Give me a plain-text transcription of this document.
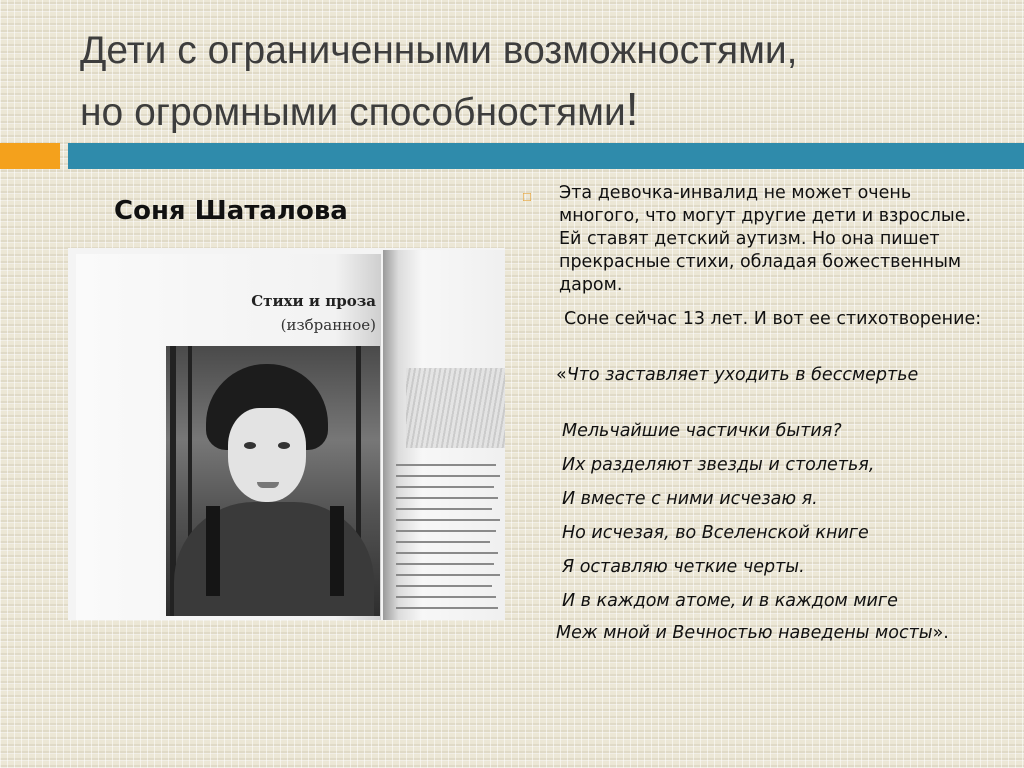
Дети с ограниченными возможностями,
но огромными способностями!
Соня Шаталова
Стихи и проза
(избранное)
☐ Эта девочка-инвалид не может очень многого, что могут другие дети и взрослые. Ей ставят детский аутизм. Но она пишет прекрасные стихи, обладая божественным даром.
Соне сейчас 13 лет. И вот ее стихотворение:
«Что заставляет уходить в бессмертье
Мельчайшие частички бытия?
Их разделяют звезды и столетья,
И вместе с ними исчезаю я.
Но исчезая, во Вселенской книге
Я оставляю четкие черты.
И в каждом атоме, и в каждом миге
Меж мной и Вечностью наведены мосты».
